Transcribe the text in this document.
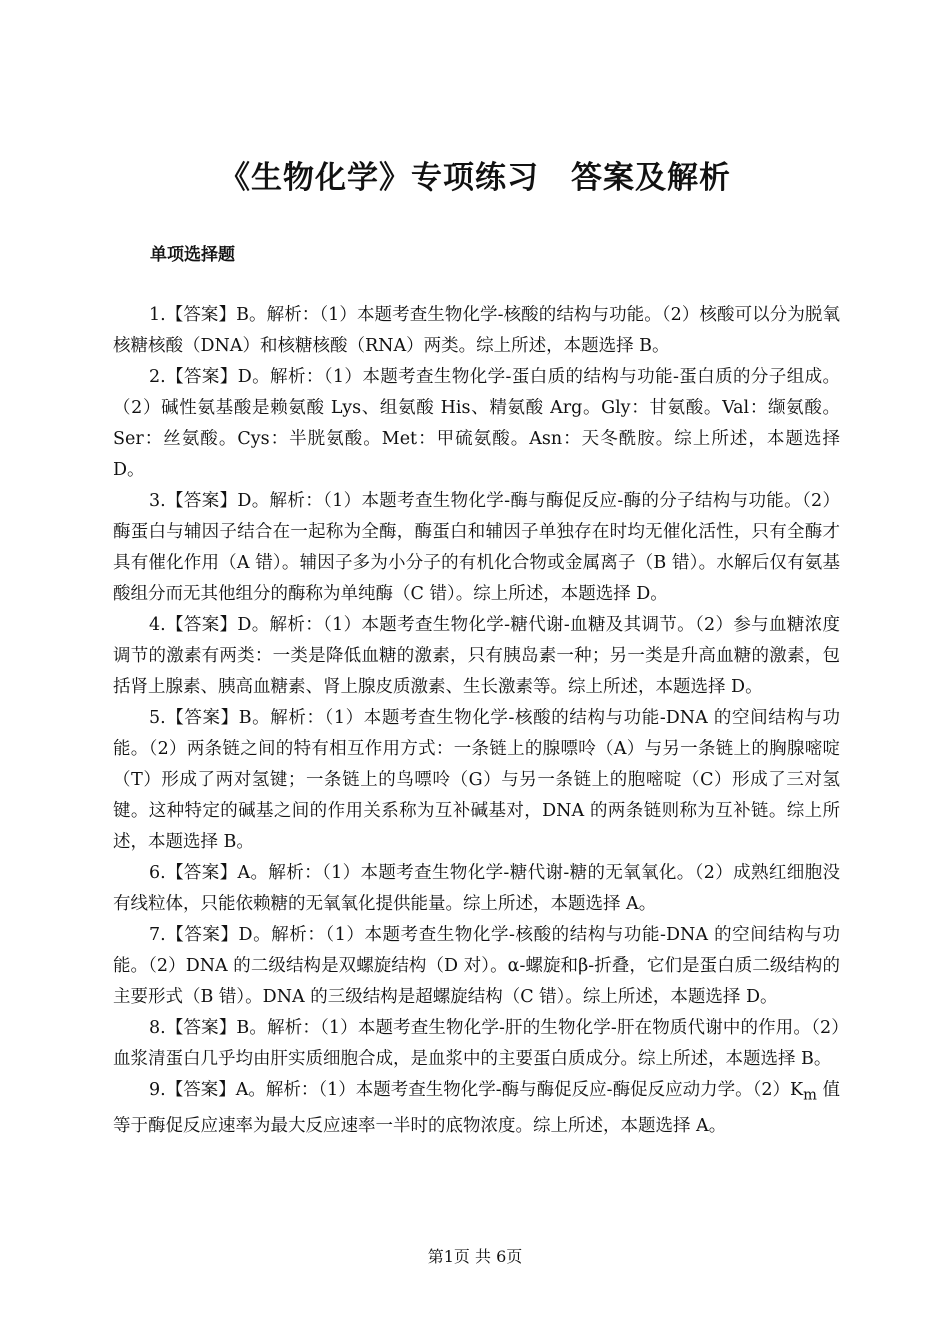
《生物化学》专项练习　答案及解析
单项选择题

1.【答案】B。解析：（1）本题考查生物化学-核酸的结构与功能。（2）核酸可以分为脱氧核糖核酸（DNA）和核糖核酸（RNA）两类。综上所述，本题选择 B。

2.【答案】D。解析：（1）本题考查生物化学-蛋白质的结构与功能-蛋白质的分子组成。（2）碱性氨基酸是赖氨酸 Lys、组氨酸 His、精氨酸 Arg。Gly：甘氨酸。Val：缬氨酸。Ser：丝氨酸。Cys：半胱氨酸。Met：甲硫氨酸。Asn：天冬酰胺。综上所述，本题选择 D。

3.【答案】D。解析：（1）本题考查生物化学-酶与酶促反应-酶的分子结构与功能。（2）酶蛋白与辅因子结合在一起称为全酶，酶蛋白和辅因子单独存在时均无催化活性，只有全酶才具有催化作用（A 错）。辅因子多为小分子的有机化合物或金属离子（B 错）。水解后仅有氨基酸组分而无其他组分的酶称为单纯酶（C 错）。综上所述，本题选择 D。

4.【答案】D。解析：（1）本题考查生物化学-糖代谢-血糖及其调节。（2）参与血糖浓度调节的激素有两类：一类是降低血糖的激素，只有胰岛素一种；另一类是升高血糖的激素，包括肾上腺素、胰高血糖素、肾上腺皮质激素、生长激素等。综上所述，本题选择 D。

5.【答案】B。解析：（1）本题考查生物化学-核酸的结构与功能-DNA 的空间结构与功能。（2）两条链之间的特有相互作用方式：一条链上的腺嘌呤（A）与另一条链上的胸腺嘧啶（T）形成了两对氢键；一条链上的鸟嘌呤（G）与另一条链上的胞嘧啶（C）形成了三对氢键。这种特定的碱基之间的作用关系称为互补碱基对，DNA 的两条链则称为互补链。综上所述，本题选择 B。

6.【答案】A。解析：（1）本题考查生物化学-糖代谢-糖的无氧氧化。（2）成熟红细胞没有线粒体，只能依赖糖的无氧氧化提供能量。综上所述，本题选择 A。

7.【答案】D。解析：（1）本题考查生物化学-核酸的结构与功能-DNA 的空间结构与功能。（2）DNA 的二级结构是双螺旋结构（D 对）。α-螺旋和β-折叠，它们是蛋白质二级结构的主要形式（B 错）。DNA 的三级结构是超螺旋结构（C 错）。综上所述，本题选择 D。

8.【答案】B。解析：（1）本题考查生物化学-肝的生物化学-肝在物质代谢中的作用。（2）血浆清蛋白几乎均由肝实质细胞合成，是血浆中的主要蛋白质成分。综上所述，本题选择 B。

9.【答案】A。解析：（1）本题考查生物化学-酶与酶促反应-酶促反应动力学。$(2)K_m$ 值等于酶促反应速率为最大反应速率一半时的底物浓度。综上所述，本题选择 A。

第1页 共 6页
